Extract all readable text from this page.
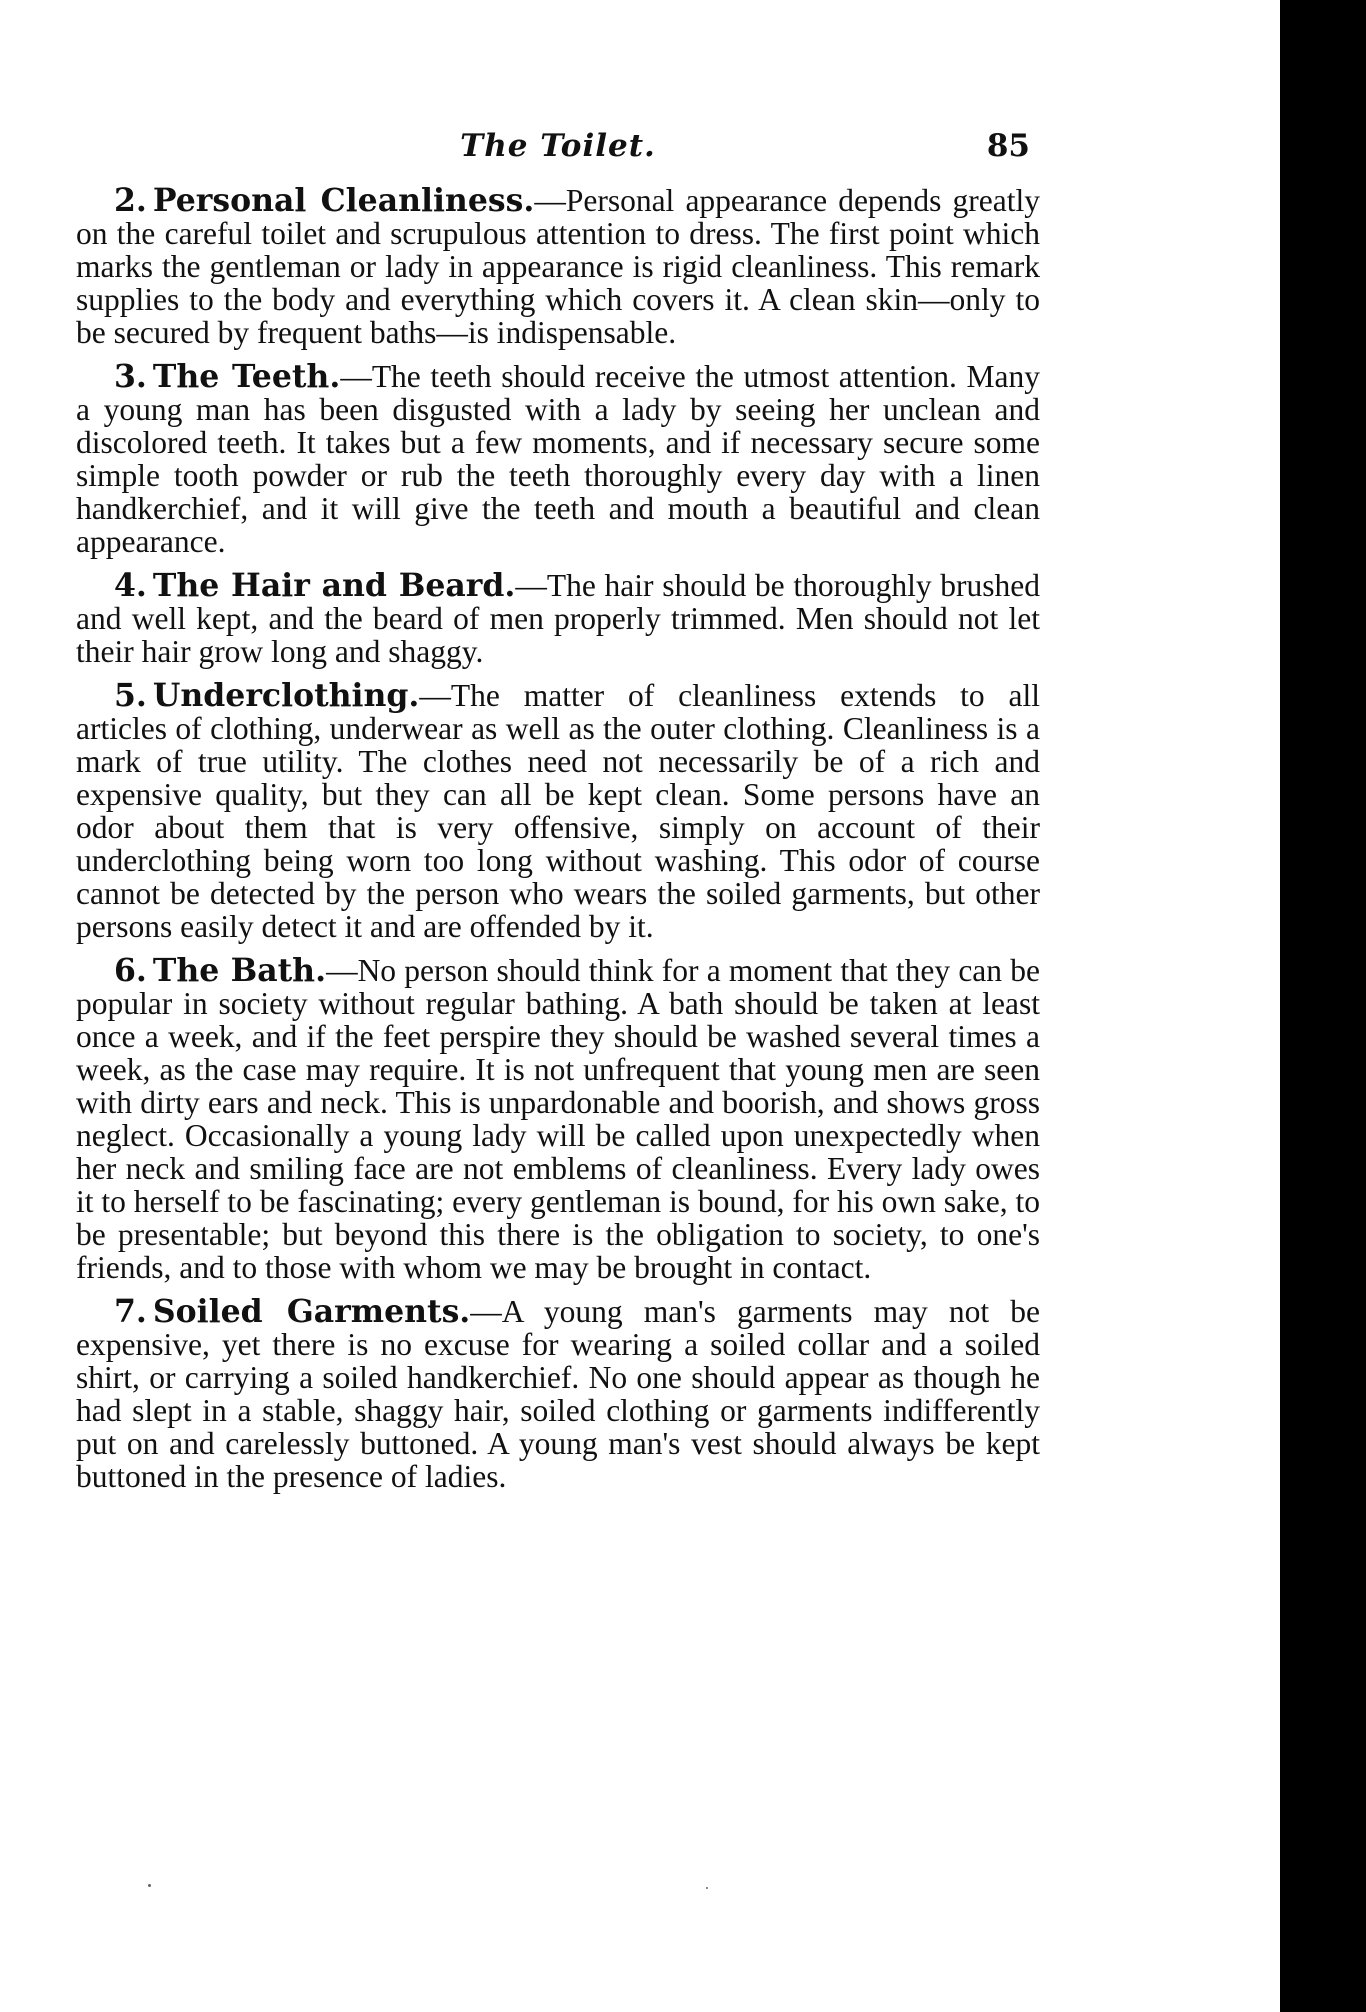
The Toilet.	85

2. Personal Cleanliness.—Personal appearance depends greatly on the careful toilet and scrupulous attention to dress. The first point which marks the gentleman or lady in appearance is rigid cleanliness. This remark supplies to the body and everything which covers it. A clean skin—only to be secured by frequent baths—is indispensable.

3. The Teeth.—The teeth should receive the utmost attention. Many a young man has been disgusted with a lady by seeing her unclean and discolored teeth. It takes but a few moments, and if necessary secure some simple tooth powder or rub the teeth thoroughly every day with a linen handkerchief, and it will give the teeth and mouth a beautiful and clean appearance.

4. The Hair and Beard.—The hair should be thoroughly brushed and well kept, and the beard of men properly trimmed. Men should not let their hair grow long and shaggy.

5. Underclothing.—The matter of cleanliness extends to all articles of clothing, underwear as well as the outer clothing. Cleanliness is a mark of true utility. The clothes need not necessarily be of a rich and expensive quality, but they can all be kept clean. Some persons have an odor about them that is very offensive, simply on account of their underclothing being worn too long without washing. This odor of course cannot be detected by the person who wears the soiled garments, but other persons easily detect it and are offended by it.

6. The Bath.—No person should think for a moment that they can be popular in society without regular bathing. A bath should be taken at least once a week, and if the feet perspire they should be washed several times a week, as the case may require. It is not unfrequent that young men are seen with dirty ears and neck. This is unpardonable and boorish, and shows gross neglect. Occasionally a young lady will be called upon unexpectedly when her neck and smiling face are not emblems of cleanliness. Every lady owes it to herself to be fascinating; every gentleman is bound, for his own sake, to be presentable; but beyond this there is the obligation to society, to one's friends, and to those with whom we may be brought in contact.

7. Soiled Garments.—A young man's garments may not be expensive, yet there is no excuse for wearing a soiled collar and a soiled shirt, or carrying a soiled handkerchief. No one should appear as though he had slept in a stable, shaggy hair, soiled clothing or garments indifferently put on and carelessly buttoned. A young man's vest should always be kept buttoned in the presence of ladies.
